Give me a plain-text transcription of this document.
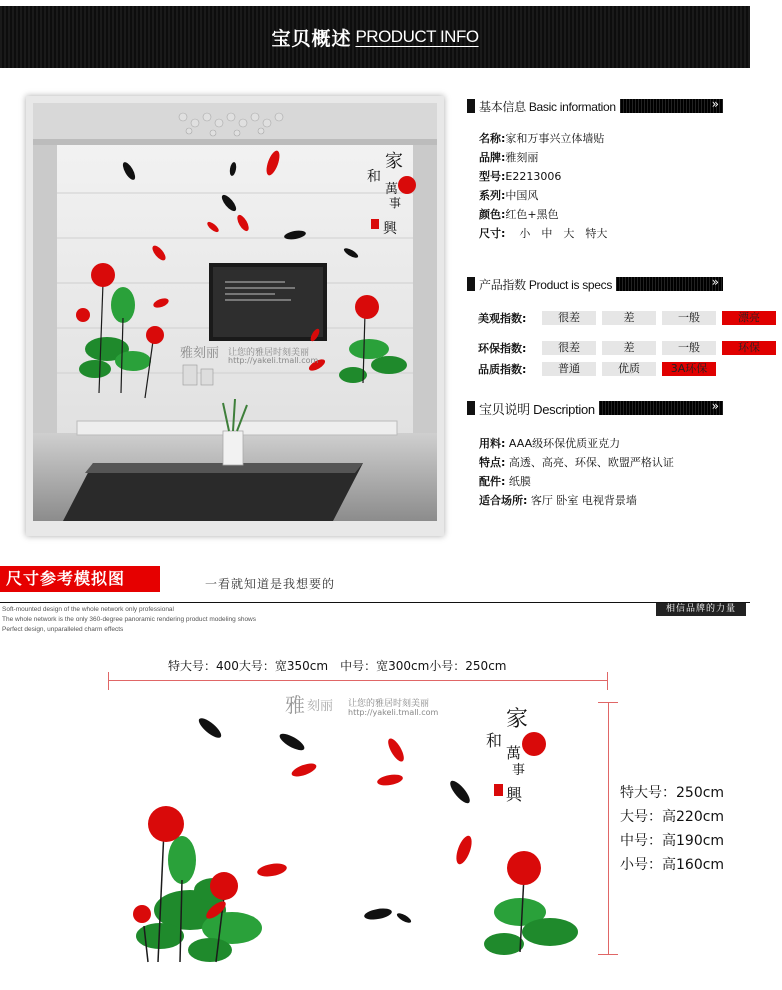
宝贝概述 PRODUCT INFO
家
和
萬
事
興
雅刻丽 让您的雅居时刻美丽
http://yakeli.tmall.com
基本信息 Basic information
»
名称:家和万事兴立体墙贴
品牌:雅刻丽
型号:E2213006
系列:中国风
颜色:红色+黑色
尺寸: 小　中　大　特大
产品指数 Product is specs
»
美观指数:	很差	差	一般	漂亮
环保指数:	很差	差	一般	环保
品质指数:	普通	优质	3A环保
宝贝说明 Description
»
用料: AAA级环保优质亚克力
特点: 高透、高亮、环保、欧盟严格认证
配件: 纸膜
适合场所: 客厅 卧室 电视背景墙
尺寸参考模拟图	一看就知道是我想要的
Soft-mounted design of the whole network only professional
The whole network is the only 360-degree panoramic rendering product modeling shows
Perfect design, unparalleled charm effects
相信品牌的力量
特大号：400大号：宽350cm　中号：宽300cm小号：250cm
特大号：250cm
大号：高220cm
中号：高190cm
小号：高160cm
雅 刻丽 让您的雅居时刻美丽
http://yakeli.tmall.com	家
和
萬
事
興
